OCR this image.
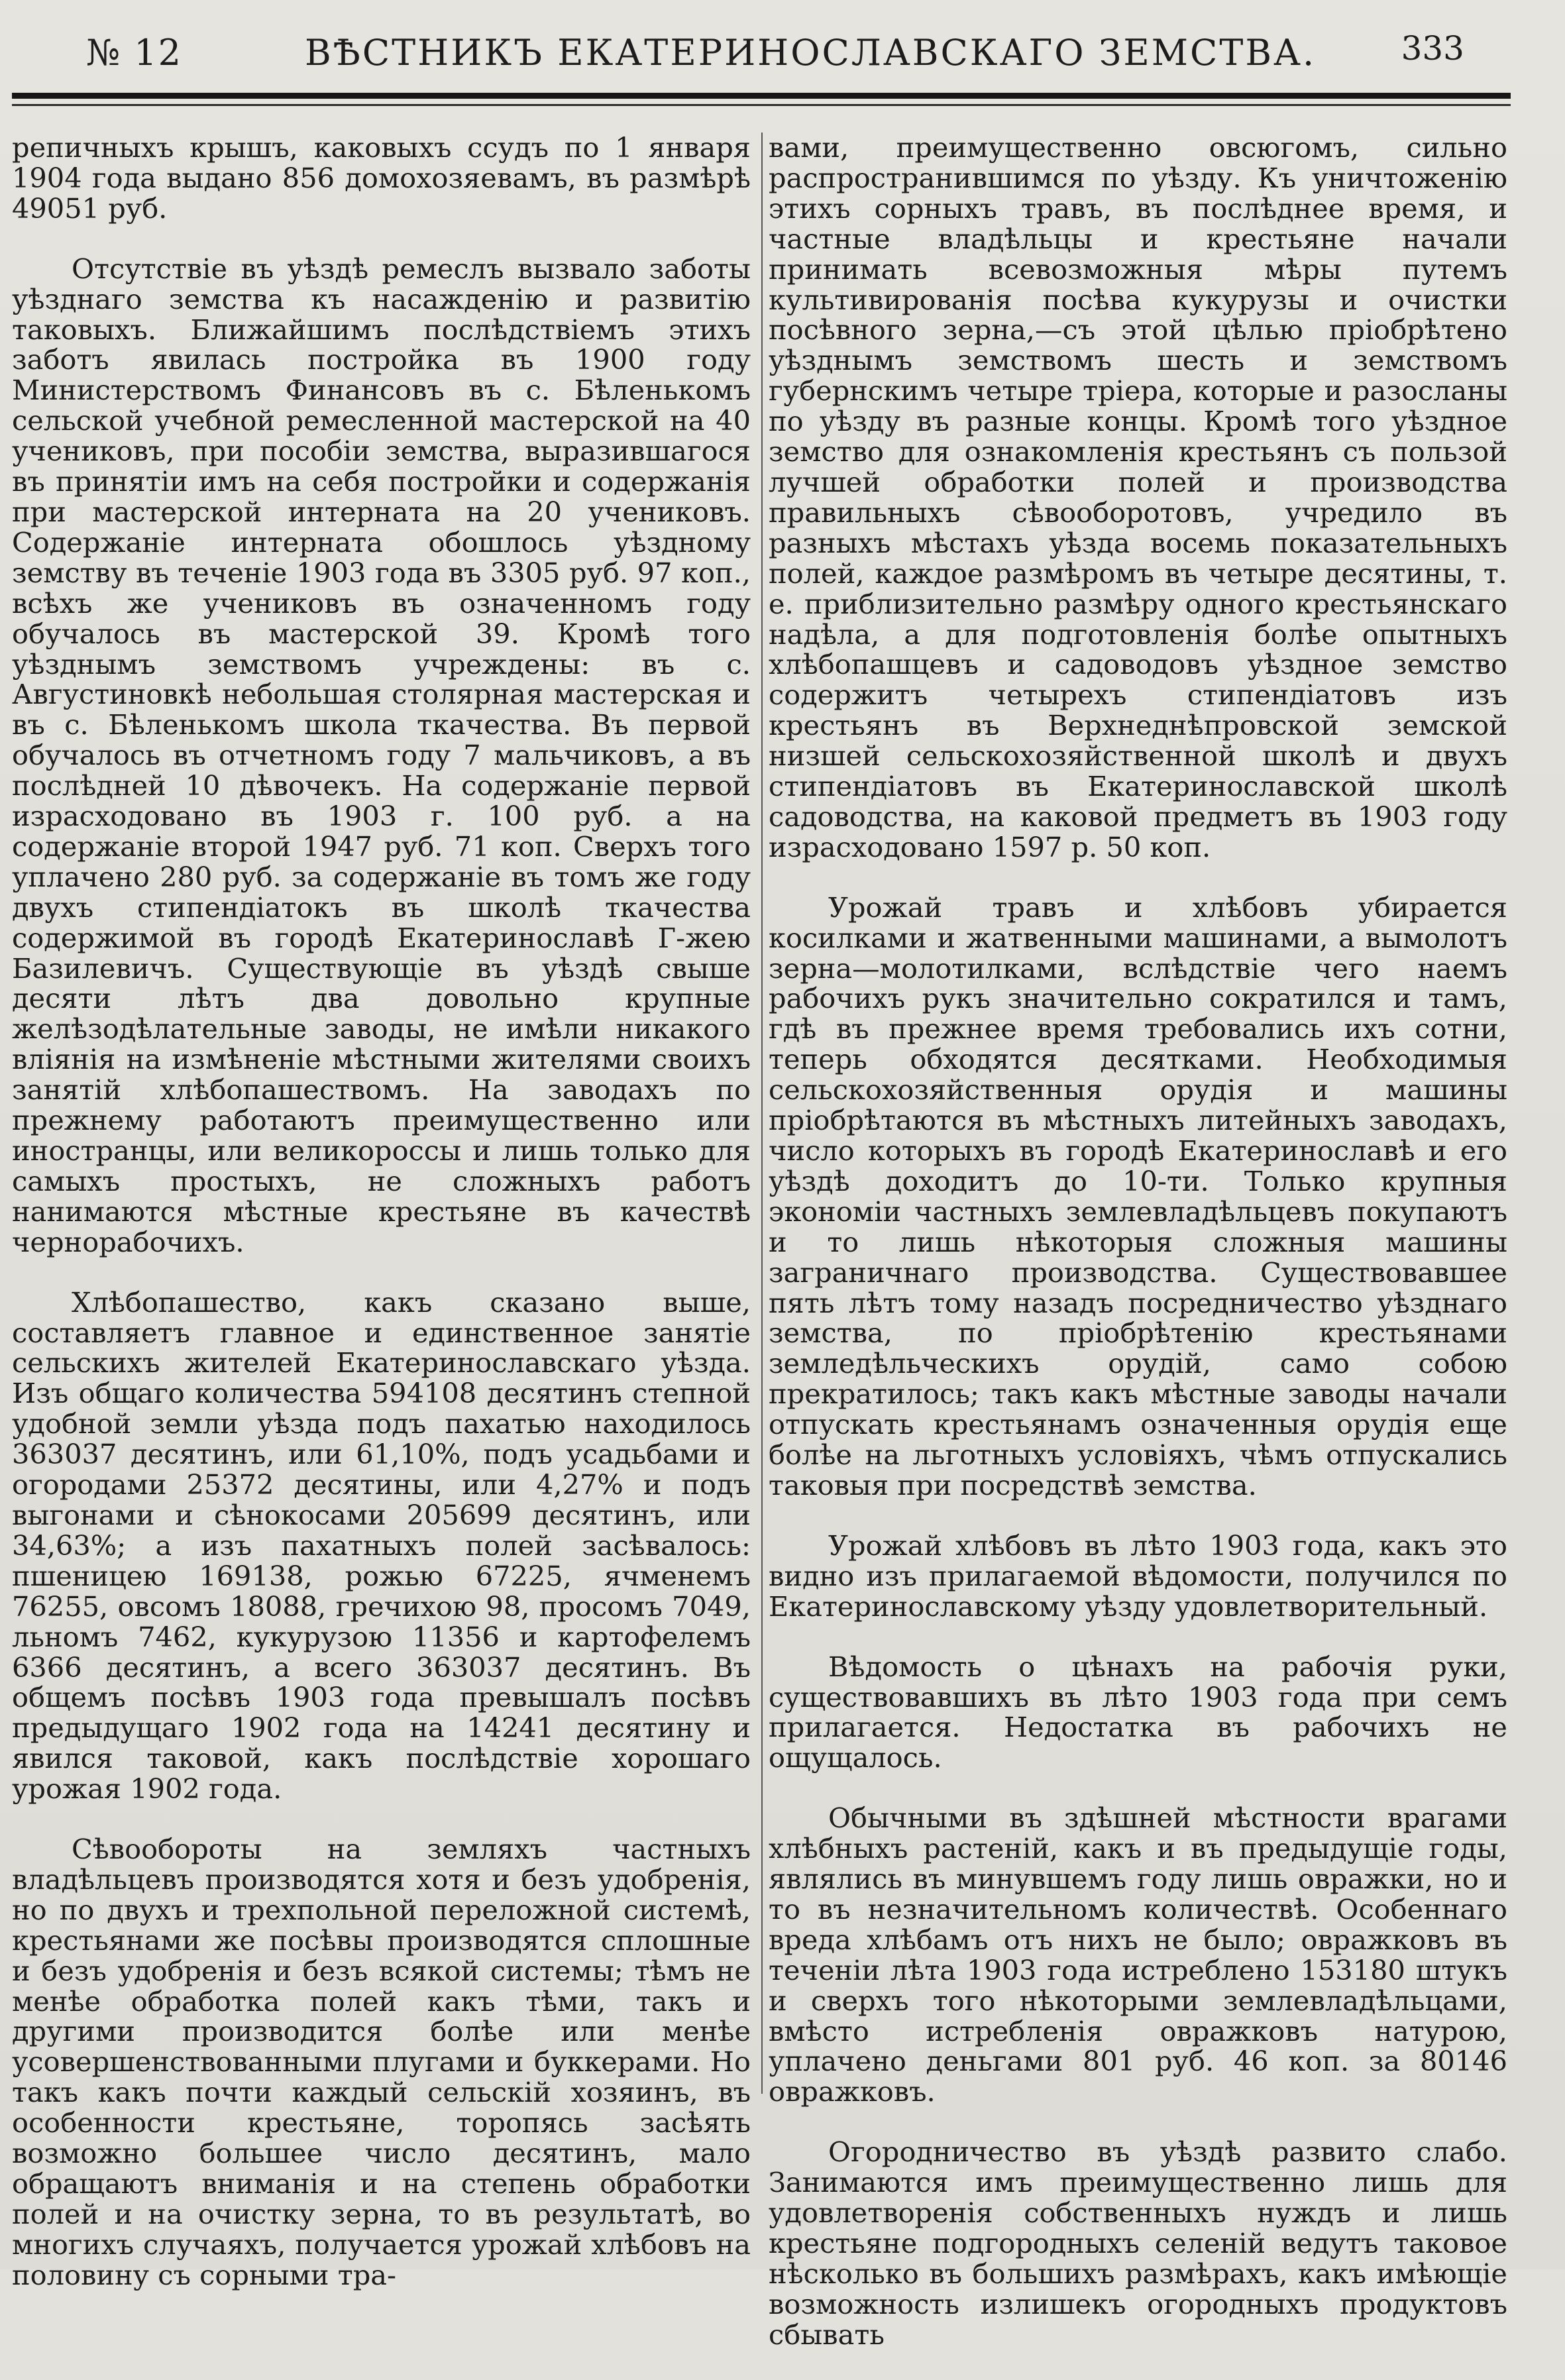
№ 12	ВѢСТНИКЪ ЕКАТЕРИНОСЛАВСКАГО ЗЕМСТВА.	333

репичныхъ крышъ, каковыхъ ссудъ по 1 января 1904 года выдано 856 домохозяевамъ, въ размѣрѣ 49051 руб.

Отсутствіе въ уѣздѣ ремеслъ вызвало заботы уѣзднаго земства къ насажденію и развитію таковыхъ. Ближайшимъ послѣдствіемъ этихъ заботъ явилась постройка въ 1900 году Министерствомъ Финансовъ въ с. Бѣленькомъ сельской учебной ремесленной мастерской на 40 учениковъ, при пособіи земства, выразившагося въ принятіи имъ на себя постройки и содержанія при мастерской интерната на 20 учениковъ. Содержаніе интерната обошлось уѣздному земству въ теченіе 1903 года въ 3305 руб. 97 коп., всѣхъ же учениковъ въ означенномъ году обучалось въ мастерской 39. Кромѣ того уѣзднымъ земствомъ учреждены: въ с. Августиновкѣ небольшая столярная мастерская и въ с. Бѣленькомъ школа ткачества. Въ первой обучалось въ отчетномъ году 7 мальчиковъ, а въ послѣдней 10 дѣвочекъ. На содержаніе первой израсходовано въ 1903 г. 100 руб. а на содержаніе второй 1947 руб. 71 коп. Сверхъ того уплачено 280 руб. за содержаніе въ томъ же году двухъ стипендіатокъ въ школѣ ткачества содержимой въ городѣ Екатеринославѣ Г-жею Базилевичъ. Существующіе въ уѣздѣ свыше десяти лѣтъ два довольно крупные желѣзодѣлательные заводы, не имѣли никакого вліянія на измѣненіе мѣстными жителями своихъ занятій хлѣбопашествомъ. На заводахъ по прежнему работаютъ преимущественно или иностранцы, или великороссы и лишь только для самыхъ простыхъ, не сложныхъ работъ нанимаются мѣстные крестьяне въ качествѣ чернорабочихъ.

Хлѣбопашество, какъ сказано выше, составляетъ главное и единственное занятіе сельскихъ жителей Екатеринославскаго уѣзда. Изъ общаго количества 594108 десятинъ степной удобной земли уѣзда подъ пахатью находилось 363037 десятинъ, или 61,10%, подъ усадьбами и огородами 25372 десятины, или 4,27% и подъ выгонами и сѣнокосами 205699 десятинъ, или 34,63%; а изъ пахатныхъ полей засѣвалось: пшеницею 169138, рожью 67225, ячменемъ 76255, овсомъ 18088, гречихою 98, просомъ 7049, льномъ 7462, кукурузою 11356 и картофелемъ 6366 десятинъ, а всего 363037 десятинъ. Въ общемъ посѣвъ 1903 года превышалъ посѣвъ предыдущаго 1902 года на 14241 десятину и явился таковой, какъ послѣдствіе хорошаго урожая 1902 года.

Сѣвообороты на земляхъ частныхъ владѣльцевъ производятся хотя и безъ удобренія, но по двухъ и трехпольной переложной системѣ, крестьянами же посѣвы производятся сплошные и безъ удобренія и безъ всякой системы; тѣмъ не менѣе обработка полей какъ тѣми, такъ и другими производится болѣе или менѣе усовершенствованными плугами и буккерами. Но такъ какъ почти каждый сельскій хозяинъ, въ особенности крестьяне, торопясь засѣять возможно большее число десятинъ, мало обращаютъ вниманія и на степень обработки полей и на очистку зерна, то въ результатѣ, во многихъ случаяхъ, получается урожай хлѣбовъ на половину съ сорными тра-

вами, преимущественно овсюгомъ, сильно распространившимся по уѣзду. Къ уничтоженію этихъ сорныхъ травъ, въ послѣднее время, и частные владѣльцы и крестьяне начали принимать всевозможныя мѣры путемъ культивированія посѣва кукурузы и очистки посѣвного зерна,—съ этой цѣлью пріобрѣтено уѣзднымъ земствомъ шесть и земствомъ губернскимъ четыре тріера, которые и разосланы по уѣзду въ разные концы. Кромѣ того уѣздное земство для ознакомленія крестьянъ съ пользой лучшей обработки полей и производства правильныхъ сѣвооборотовъ, учредило въ разныхъ мѣстахъ уѣзда восемь показательныхъ полей, каждое размѣромъ въ четыре десятины, т. е. приблизительно размѣру одного крестьянскаго надѣла, а для подготовленія болѣе опытныхъ хлѣбопашцевъ и садоводовъ уѣздное земство содержитъ четырехъ стипендіатовъ изъ крестьянъ въ Верхнеднѣпровской земской низшей сельскохозяйственной школѣ и двухъ стипендіатовъ въ Екатеринославской школѣ садоводства, на каковой предметъ въ 1903 году израсходовано 1597 р. 50 коп.

Урожай травъ и хлѣбовъ убирается косилками и жатвенными машинами, а вымолотъ зерна—молотилками, вслѣдствіе чего наемъ рабочихъ рукъ значительно сократился и тамъ, гдѣ въ прежнее время требовались ихъ сотни, теперь обходятся десятками. Необходимыя сельскохозяйственныя орудія и машины пріобрѣтаются въ мѣстныхъ литейныхъ заводахъ, число которыхъ въ городѣ Екатеринославѣ и его уѣздѣ доходитъ до 10-ти. Только крупныя экономіи частныхъ землевладѣльцевъ покупаютъ и то лишь нѣкоторыя сложныя машины заграничнаго производства. Существовавшее пять лѣтъ тому назадъ посредничество уѣзднаго земства, по пріобрѣтенію крестьянами земледѣльческихъ орудій, само собою прекратилось; такъ какъ мѣстные заводы начали отпускать крестьянамъ означенныя орудія еще болѣе на льготныхъ условіяхъ, чѣмъ отпускались таковыя при посредствѣ земства.

Урожай хлѣбовъ въ лѣто 1903 года, какъ это видно изъ прилагаемой вѣдомости, получился по Екатеринославскому уѣзду удовлетворительный.

Вѣдомость о цѣнахъ на рабочія руки, существовавшихъ въ лѣто 1903 года при семъ прилагается. Недостатка въ рабочихъ не ощущалось.

Обычными въ здѣшней мѣстности врагами хлѣбныхъ растеній, какъ и въ предыдущіе годы, являлись въ минувшемъ году лишь овражки, но и то въ незначительномъ количествѣ. Особеннаго вреда хлѣбамъ отъ нихъ не было; овражковъ въ теченіи лѣта 1903 года истреблено 153180 штукъ и сверхъ того нѣкоторыми землевладѣльцами, вмѣсто истребленія овражковъ натурою, уплачено деньгами 801 руб. 46 коп. за 80146 овражковъ.

Огородничество въ уѣздѣ развито слабо. Занимаются имъ преимущественно лишь для удовлетворенія собственныхъ нуждъ и лишь крестьяне подгородныхъ селеній ведутъ таковое нѣсколько въ большихъ размѣрахъ, какъ имѣющіе возможность излишекъ огородныхъ продуктовъ сбывать
